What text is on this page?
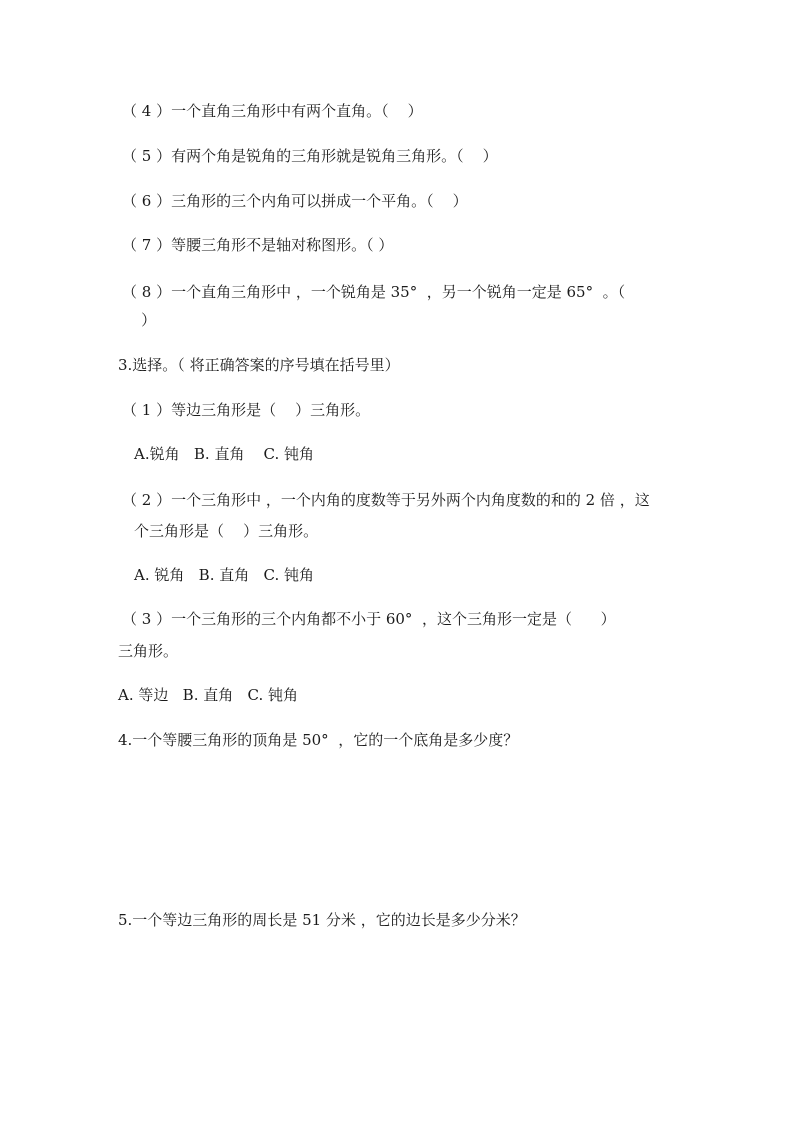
（ 4 ）一个直角三角形中有两个直角。（    ）
（ 5 ）有两个角是锐角的三角形就是锐角三角形。（    ）
（ 6 ）三角形的三个内角可以拼成一个平角。（    ）
（ 7 ）等腰三角形不是轴对称图形。（ ）
（ 8 ）一个直角三角形中 ，一个锐角是 35°  ，另一个锐角一定是 65°  。（
）
3.选择。（ 将正确答案的序号填在括号里）
（ 1 ）等边三角形是（    ）三角形。
A.锐角   B. 直角    C. 钝角
（ 2 ）一个三角形中 ，一个内角的度数等于另外两个内角度数的和的 2 倍 ，这
个三角形是（    ）三角形。
A. 锐角   B. 直角   C. 钝角
（ 3 ）一个三角形的三个内角都不小于 60°  ，这个三角形一定是（      ）
三角形。
A. 等边   B. 直角   C. 钝角
4.一个等腰三角形的顶角是 50°  ，它的一个底角是多少度？
5.一个等边三角形的周长是 51 分米 ，它的边长是多少分米？
